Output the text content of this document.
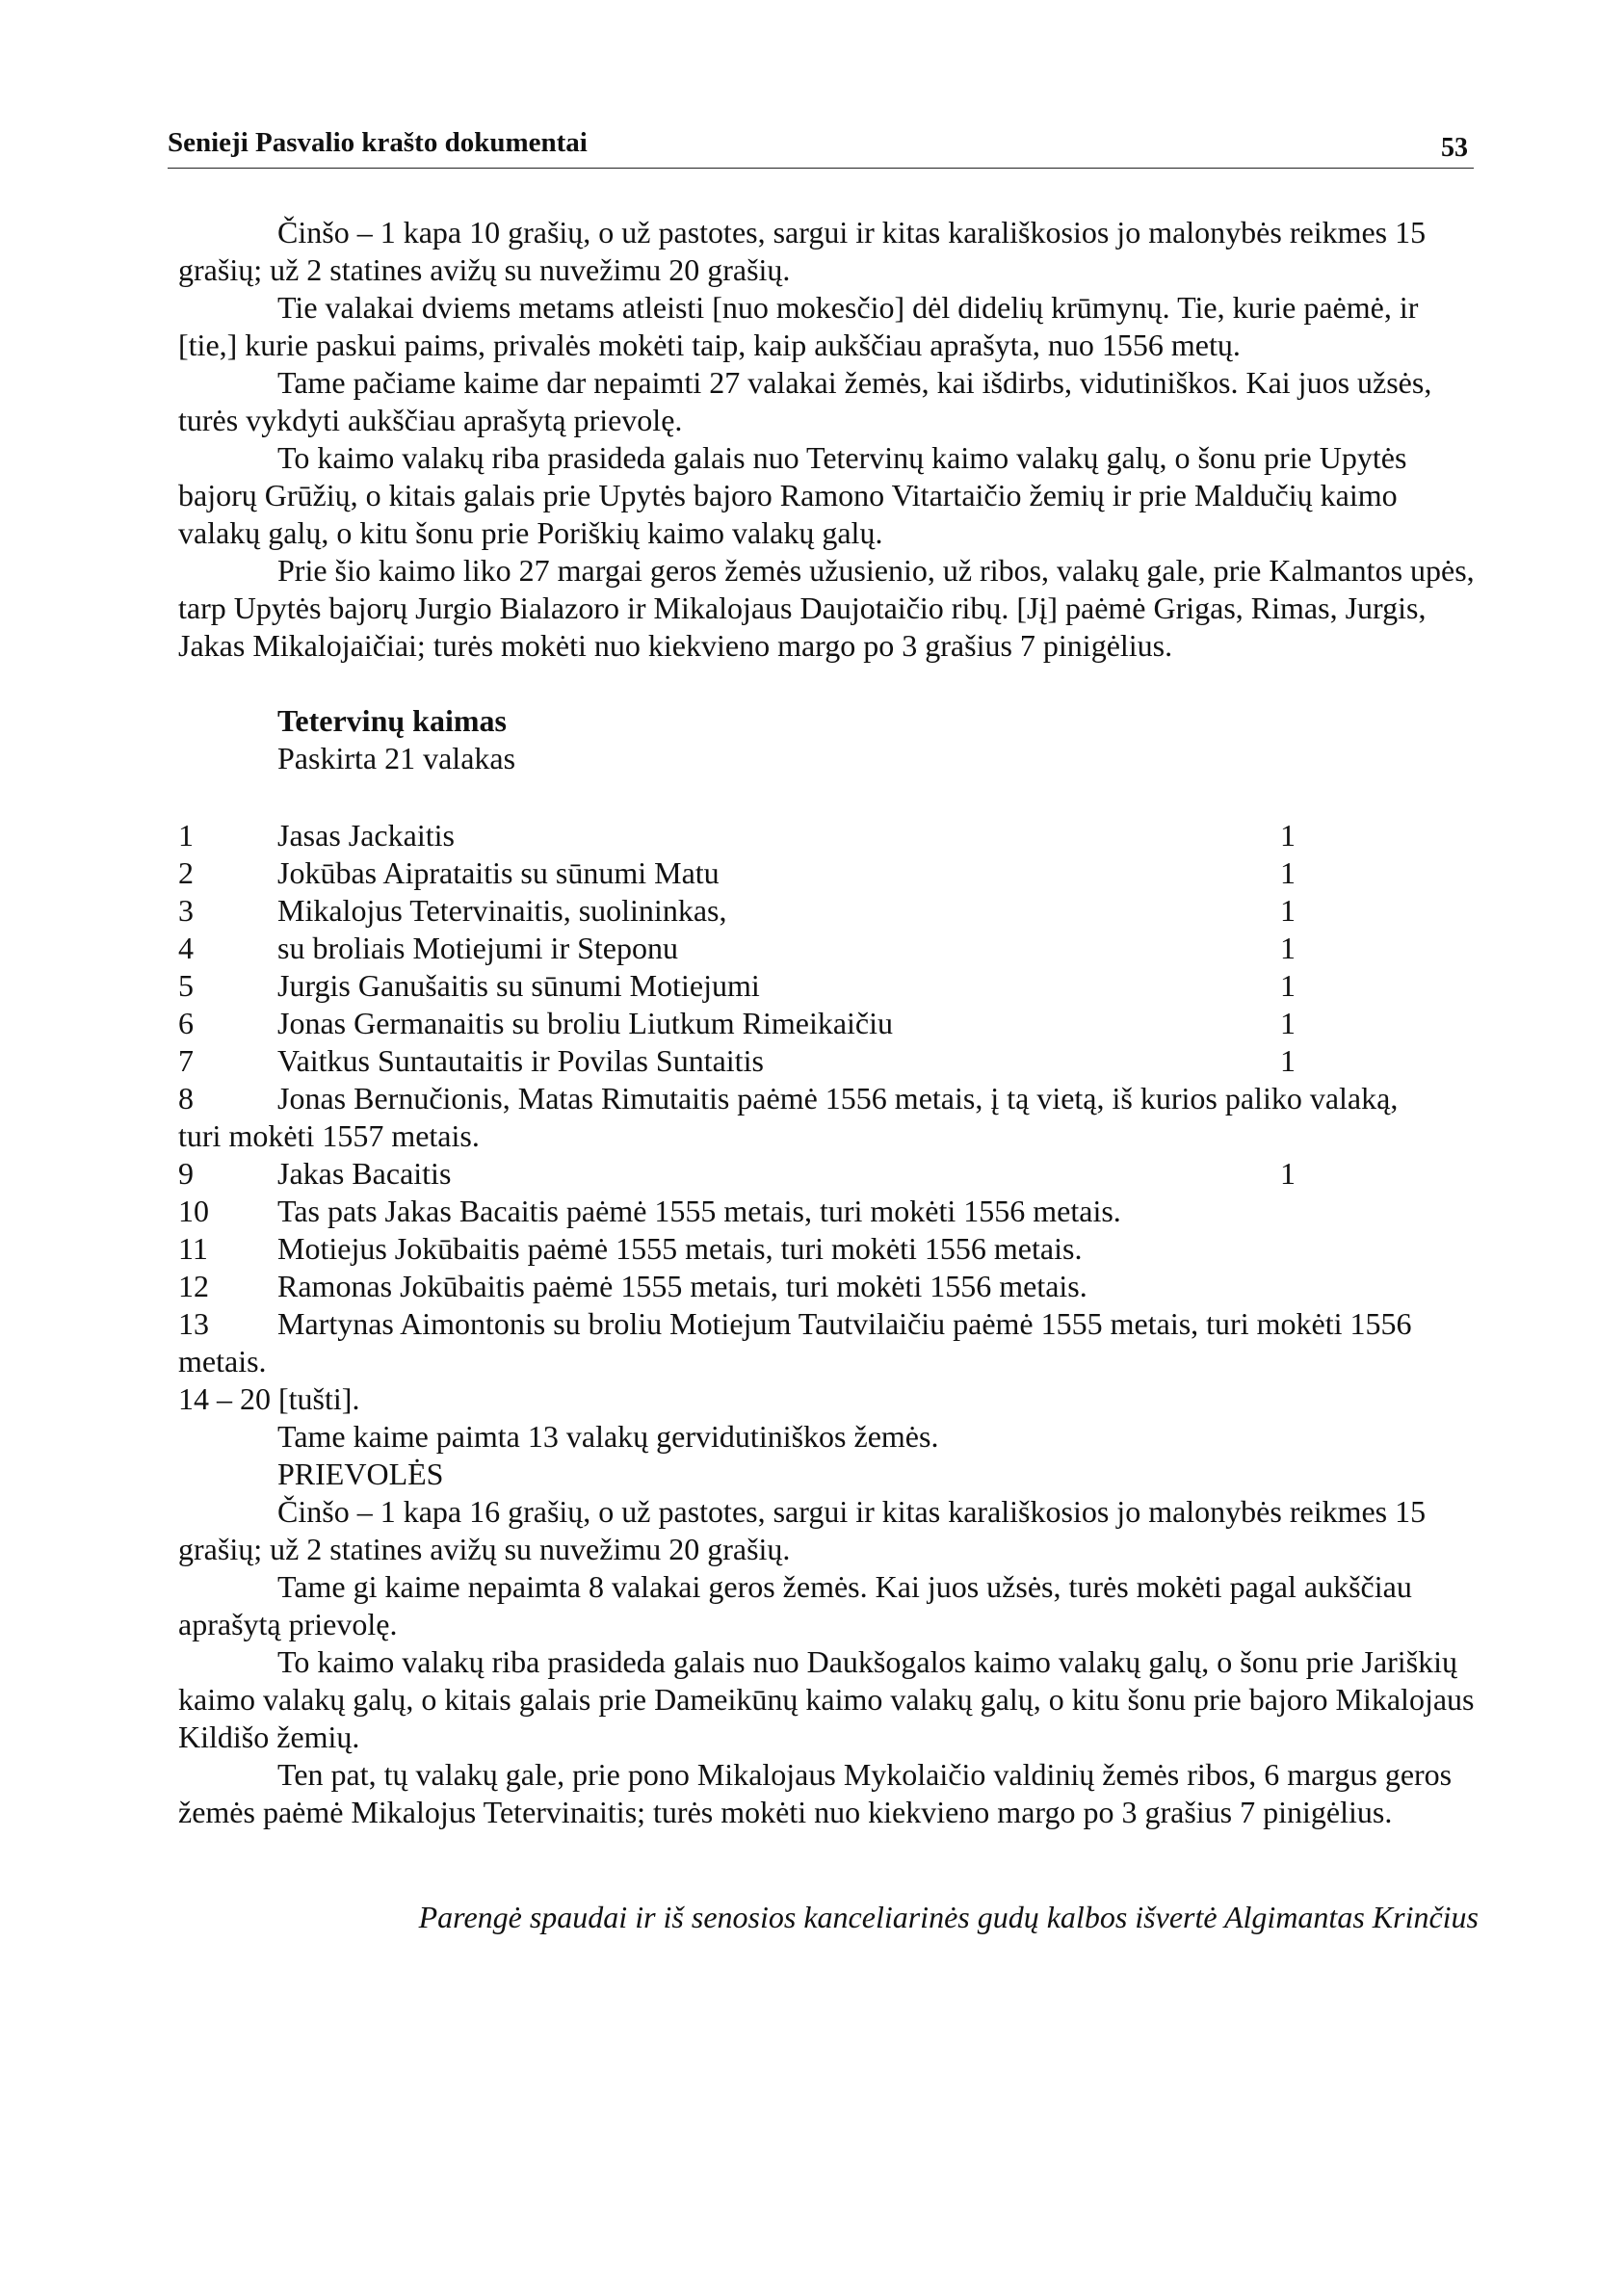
Senieji Pasvalio krašto dokumentai	53

Činšo – 1 kapa 10 grašių, o už pastotes, sargui ir kitas karališkosios jo malonybės reikmes 15 grašių; už 2 statines avižų su nuvežimu 20 grašių.

Tie valakai dviems metams atleisti [nuo mokesčio] dėl didelių krūmynų. Tie, kurie paėmė, ir [tie,] kurie paskui paims, privalės mokėti taip, kaip aukščiau aprašyta, nuo 1556 metų.

Tame pačiame kaime dar nepaimti 27 valakai žemės, kai išdirbs, vidutiniškos. Kai juos užsės, turės vykdyti aukščiau aprašytą prievolę.

To kaimo valakų riba prasideda galais nuo Tetervinų kaimo valakų galų, o šonu prie Upytės bajorų Grūžių, o kitais galais prie Upytės bajoro Ramono Vitartaičio žemių ir prie Maldučių kaimo valakų galų, o kitu šonu prie Poriškių kaimo valakų galų.

Prie šio kaimo liko 27 margai geros žemės užusienio, už ribos, valakų gale, prie Kalmantos upės, tarp Upytės bajorų Jurgio Bialazoro ir Mikalojaus Daujotaičio ribų. [Jį] paėmė Grigas, Rimas, Jurgis, Jakas Mikalojaičiai; turės mokėti nuo kiekvieno margo po 3 grašius 7 pinigėlius.

Tetervinų kaimas

Paskirta 21 valakas

1	Jasas Jackaitis	1
2	Jokūbas Aiprataitis su sūnumi Matu	1
3	Mikalojus Tetervinaitis, suolininkas,	1
4	su broliais Motiejumi ir Steponu	1
5	Jurgis Ganušaitis su sūnumi Motiejumi	1
6	Jonas Germanaitis su broliu Liutkum Rimeikaičiu	1
7	Vaitkus Suntautaitis ir Povilas Suntaitis	1
8	Jonas Bernučionis, Matas Rimutaitis paėmė 1556 metais, į tą vietą, iš kurios paliko valaką,

turi mokėti 1557 metais.

9	Jakas Bacaitis	1
10	Tas pats Jakas Bacaitis paėmė 1555 metais, turi mokėti 1556 metais.
11	Motiejus Jokūbaitis paėmė 1555 metais, turi mokėti 1556 metais.
12	Ramonas Jokūbaitis paėmė 1555 metais, turi mokėti 1556 metais.
13	Martynas Aimontonis su broliu Motiejum Tautvilaičiu paėmė 1555 metais, turi mokėti 1556

metais.

14 – 20 [tušti].

Tame kaime paimta 13 valakų gervidutiniškos žemės.

PRIEVOLĖS

Činšo – 1 kapa 16 grašių, o už pastotes, sargui ir kitas karališkosios jo malonybės reikmes 15 grašių; už 2 statines avižų su nuvežimu 20 grašių.

Tame gi kaime nepaimta 8 valakai geros žemės. Kai juos užsės, turės mokėti pagal aukščiau aprašytą prievolę.

To kaimo valakų riba prasideda galais nuo Daukšogalos kaimo valakų galų, o šonu prie Jariškių kaimo valakų galų, o kitais galais prie Dameikūnų kaimo valakų galų, o kitu šonu prie bajoro Mikalojaus Kildišo žemių.

Ten pat, tų valakų gale, prie pono Mikalojaus Mykolaičio valdinių žemės ribos, 6 margus geros žemės paėmė Mikalojus Tetervinaitis; turės mokėti nuo kiekvieno margo po 3 grašius 7 pinigėlius.

Parengė spaudai ir iš senosios kanceliarinės gudų kalbos išvertė Algimantas Krinčius
